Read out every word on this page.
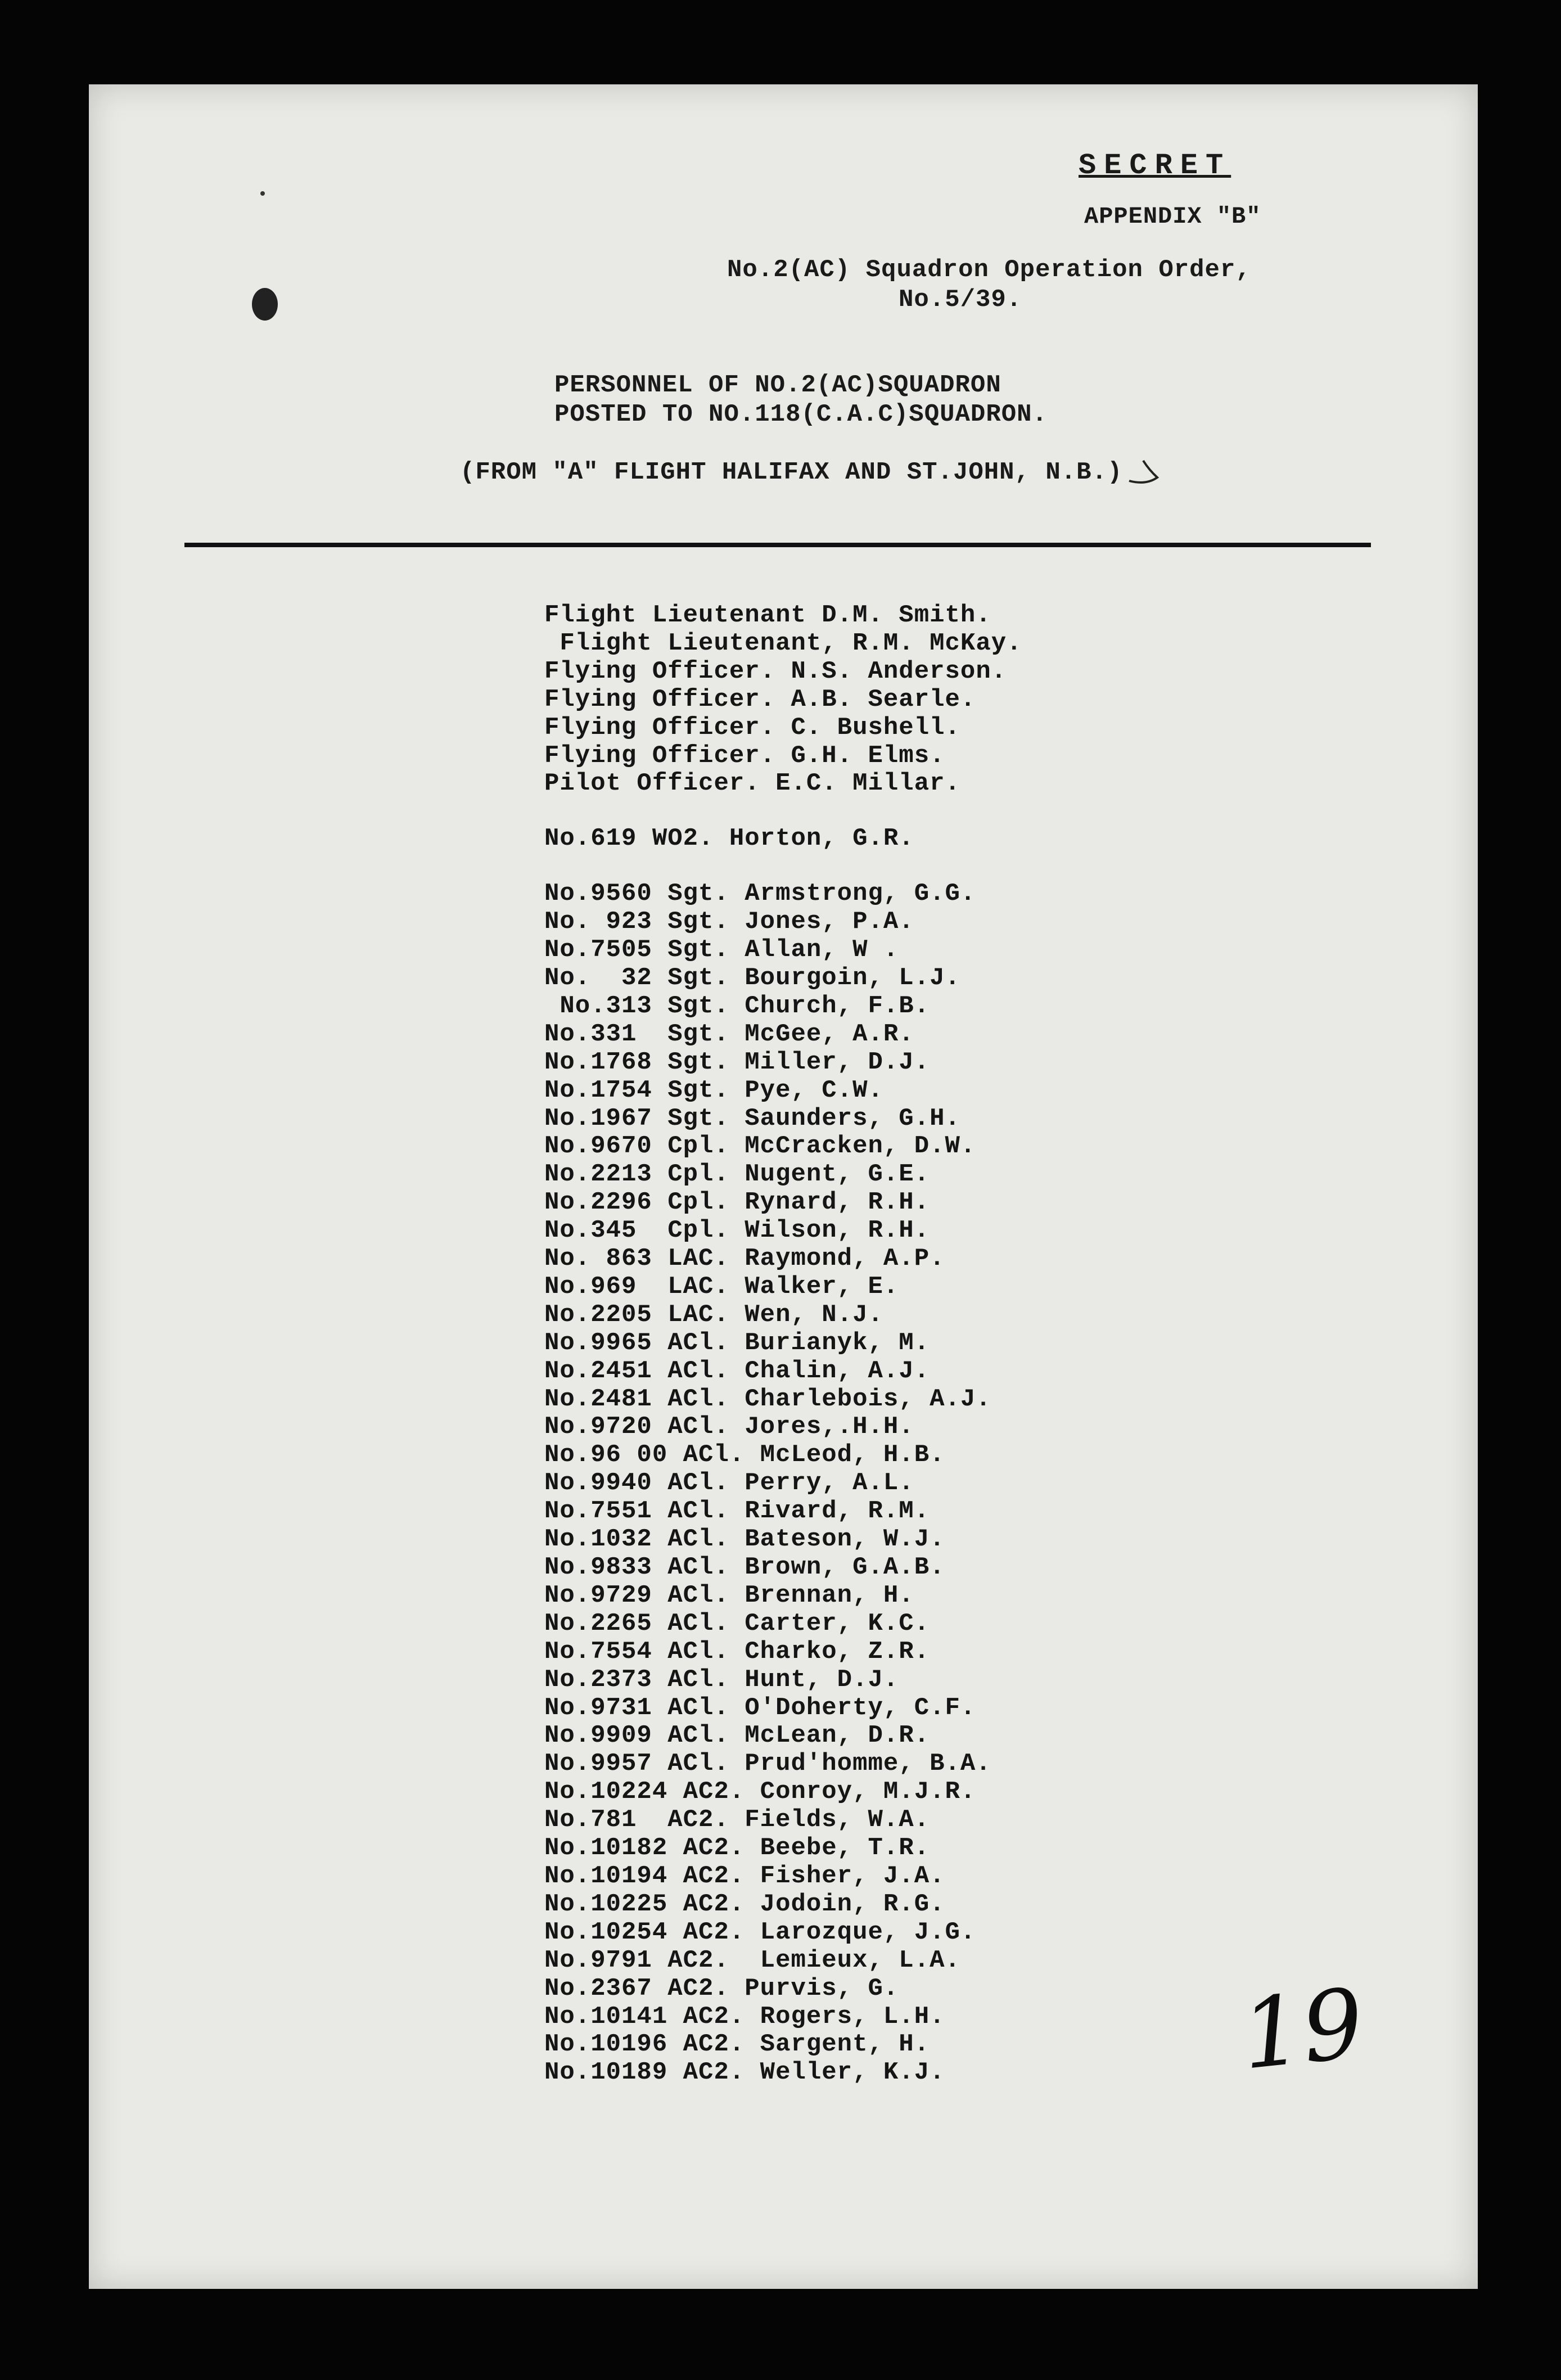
SECRET
APPENDIX "B"
No.2(AC) Squadron Operation Order,
No.5/39.
PERSONNEL OF NO.2(AC)SQUADRON
POSTED TO NO.118(C.A.C)SQUADRON.
(FROM "A" FLIGHT HALIFAX AND ST.JOHN, N.B.)
Flight Lieutenant D.M. Smith.
Flight Lieutenant, R.M. McKay.
Flying Officer. N.S. Anderson.
Flying Officer. A.B. Searle.
Flying Officer. C. Bushell.
Flying Officer. G.H. Elms.
Pilot Officer. E.C. Millar.
No.619 WO2. Horton, G.R.
No.9560 Sgt. Armstrong, G.G.
No. 923 Sgt. Jones, P.A.
No.7505 Sgt. Allan, W .
No.  32 Sgt. Bourgoin, L.J.
No.313 Sgt. Church, F.B.
No.331  Sgt. McGee, A.R.
No.1768 Sgt. Miller, D.J.
No.1754 Sgt. Pye, C.W.
No.1967 Sgt. Saunders, G.H.
No.9670 Cpl. McCracken, D.W.
No.2213 Cpl. Nugent, G.E.
No.2296 Cpl. Rynard, R.H.
No.345  Cpl. Wilson, R.H.
No. 863 LAC. Raymond, A.P.
No.969  LAC. Walker, E.
No.2205 LAC. Wen, N.J.
No.9965 ACl. Burianyk, M.
No.2451 ACl. Chalin, A.J.
No.2481 ACl. Charlebois, A.J.
No.9720 ACl. Jores,.H.H.
No.96 00 ACl. McLeod, H.B.
No.9940 ACl. Perry, A.L.
No.7551 ACl. Rivard, R.M.
No.1032 ACl. Bateson, W.J.
No.9833 ACl. Brown, G.A.B.
No.9729 ACl. Brennan, H.
No.2265 ACl. Carter, K.C.
No.7554 ACl. Charko, Z.R.
No.2373 ACl. Hunt, D.J.
No.9731 ACl. O'Doherty, C.F.
No.9909 ACl. McLean, D.R.
No.9957 ACl. Prud'homme, B.A.
No.10224 AC2. Conroy, M.J.R.
No.781  AC2. Fields, W.A.
No.10182 AC2. Beebe, T.R.
No.10194 AC2. Fisher, J.A.
No.10225 AC2. Jodoin, R.G.
No.10254 AC2. Larozque, J.G.
No.9791 AC2.  Lemieux, L.A.
No.2367 AC2. Purvis, G.
No.10141 AC2. Rogers, L.H.
No.10196 AC2. Sargent, H.
No.10189 AC2. Weller, K.J.	19
